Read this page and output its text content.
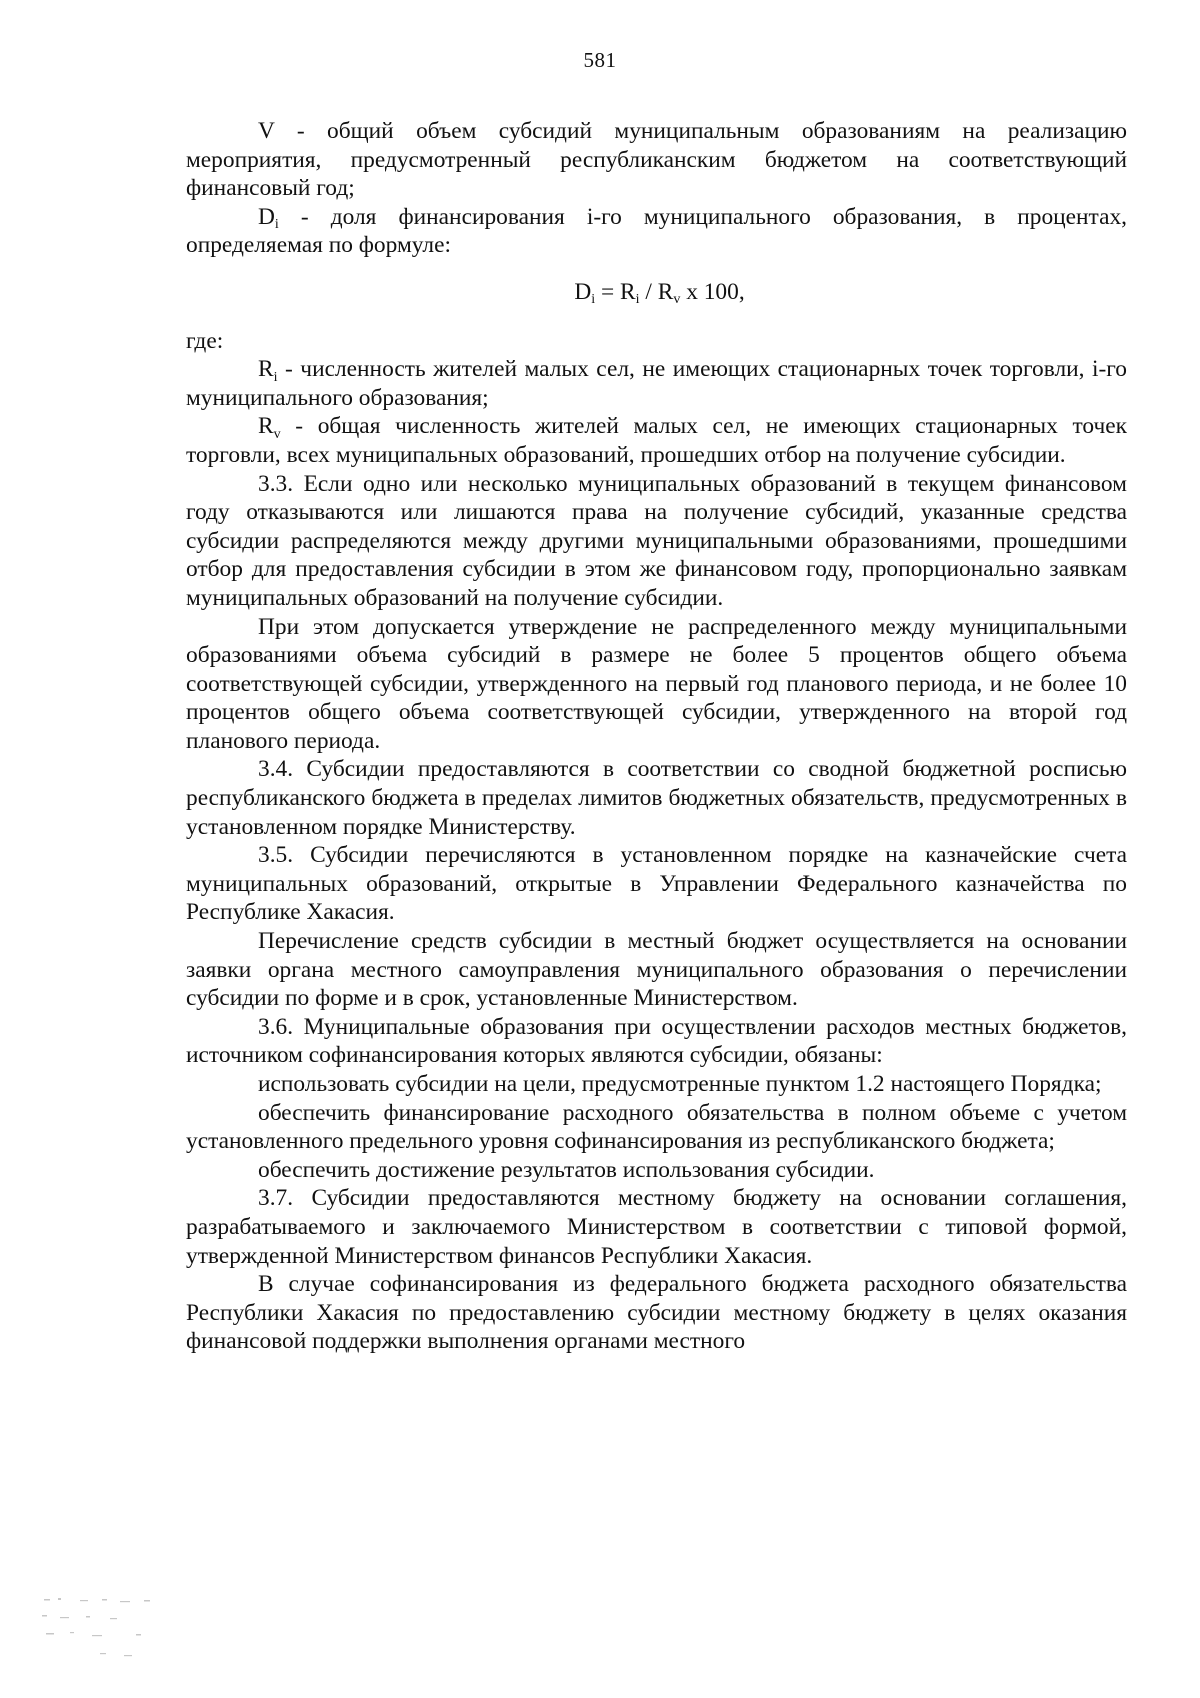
581

V - общий объем субсидий муниципальным образованиям на реализацию мероприятия, предусмотренный республиканским бюджетом на соответствующий финансовый год;

$D_i$ - доля финансирования i-го муниципального образования, в процентах, определяемая по формуле:

$D_i = R_i / R_v$ x 100,

где:

$R_i$ - численность жителей малых сел, не имеющих стационарных точек торговли, i-го муниципального образования;

$R_v$ - общая численность жителей малых сел, не имеющих стационарных точек торговли, всех муниципальных образований, прошедших отбор на получение субсидии.

3.3. Если одно или несколько муниципальных образований в текущем финансовом году отказываются или лишаются права на получение субсидий, указанные средства субсидии распределяются между другими муниципальными образованиями, прошедшими отбор для предоставления субсидии в этом же финансовом году, пропорционально заявкам муниципальных образований на получение субсидии.

При этом допускается утверждение не распределенного между муниципальными образованиями объема субсидий в размере не более 5 процентов общего объема соответствующей субсидии, утвержденного на первый год планового периода, и не более 10 процентов общего объема соответствующей субсидии, утвержденного на второй год планового периода.

3.4. Субсидии предоставляются в соответствии со сводной бюджетной росписью республиканского бюджета в пределах лимитов бюджетных обязательств, предусмотренных в установленном порядке Министерству.

3.5. Субсидии перечисляются в установленном порядке на казначейские счета муниципальных образований, открытые в Управлении Федерального казначейства по Республике Хакасия.

Перечисление средств субсидии в местный бюджет осуществляется на основании заявки органа местного самоуправления муниципального образования о перечислении субсидии по форме и в срок, установленные Министерством.

3.6. Муниципальные образования при осуществлении расходов местных бюджетов, источником софинансирования которых являются субсидии, обязаны:

использовать субсидии на цели, предусмотренные пунктом 1.2 настоящего Порядка;

обеспечить финансирование расходного обязательства в полном объеме с учетом установленного предельного уровня софинансирования из республиканского бюджета;

обеспечить достижение результатов использования субсидии.

3.7. Субсидии предоставляются местному бюджету на основании соглашения, разрабатываемого и заключаемого Министерством в соответствии с типовой формой, утвержденной Министерством финансов Республики Хакасия.

В случае софинансирования из федерального бюджета расходного обязательства Республики Хакасия по предоставлению субсидии местному бюджету в целях оказания финансовой поддержки выполнения органами местного
